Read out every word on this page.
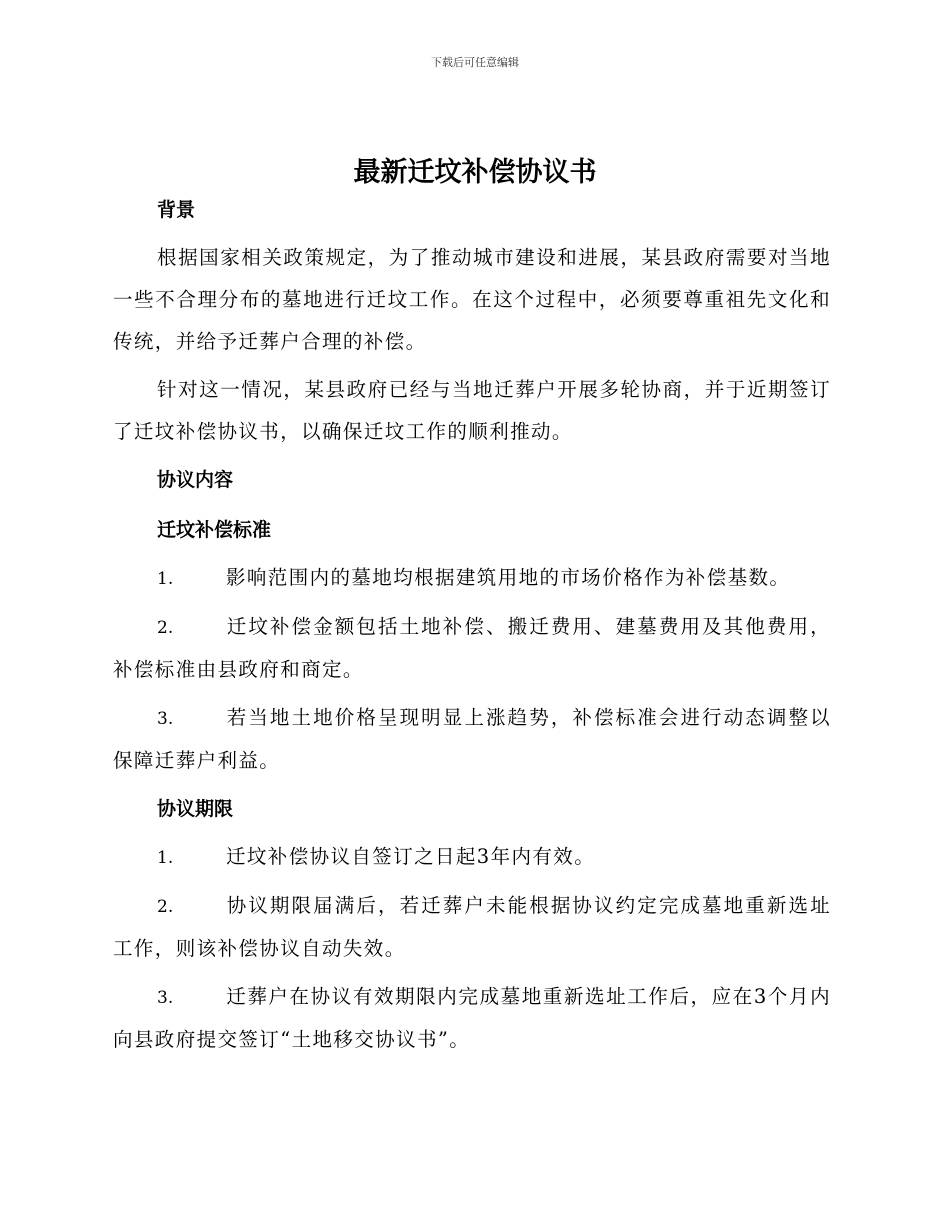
下载后可任意编辑
最新迁坟补偿协议书
背景

根据国家相关政策规定，为了推动城市建设和进展，某县政府需要对当地一些不合理分布的墓地进行迁坟工作。在这个过程中，必须要尊重祖先文化和传统，并给予迁葬户合理的补偿。

针对这一情况，某县政府已经与当地迁葬户开展多轮协商，并于近期签订了迁坟补偿协议书，以确保迁坟工作的顺利推动。

协议内容
迁坟补偿标准

1.	影响范围内的墓地均根据建筑用地的市场价格作为补偿基数。

2.	迁坟补偿金额包括土地补偿、搬迁费用、建墓费用及其他费用，补偿标准由县政府和商定。

3.	若当地土地价格呈现明显上涨趋势，补偿标准会进行动态调整以保障迁葬户利益。

协议期限

1.	迁坟补偿协议自签订之日起3年内有效。

2.	协议期限届满后，若迁葬户未能根据协议约定完成墓地重新选址工作，则该补偿协议自动失效。

3.	迁葬户在协议有效期限内完成墓地重新选址工作后，应在3个月内向县政府提交签订“土地移交协议书”。
